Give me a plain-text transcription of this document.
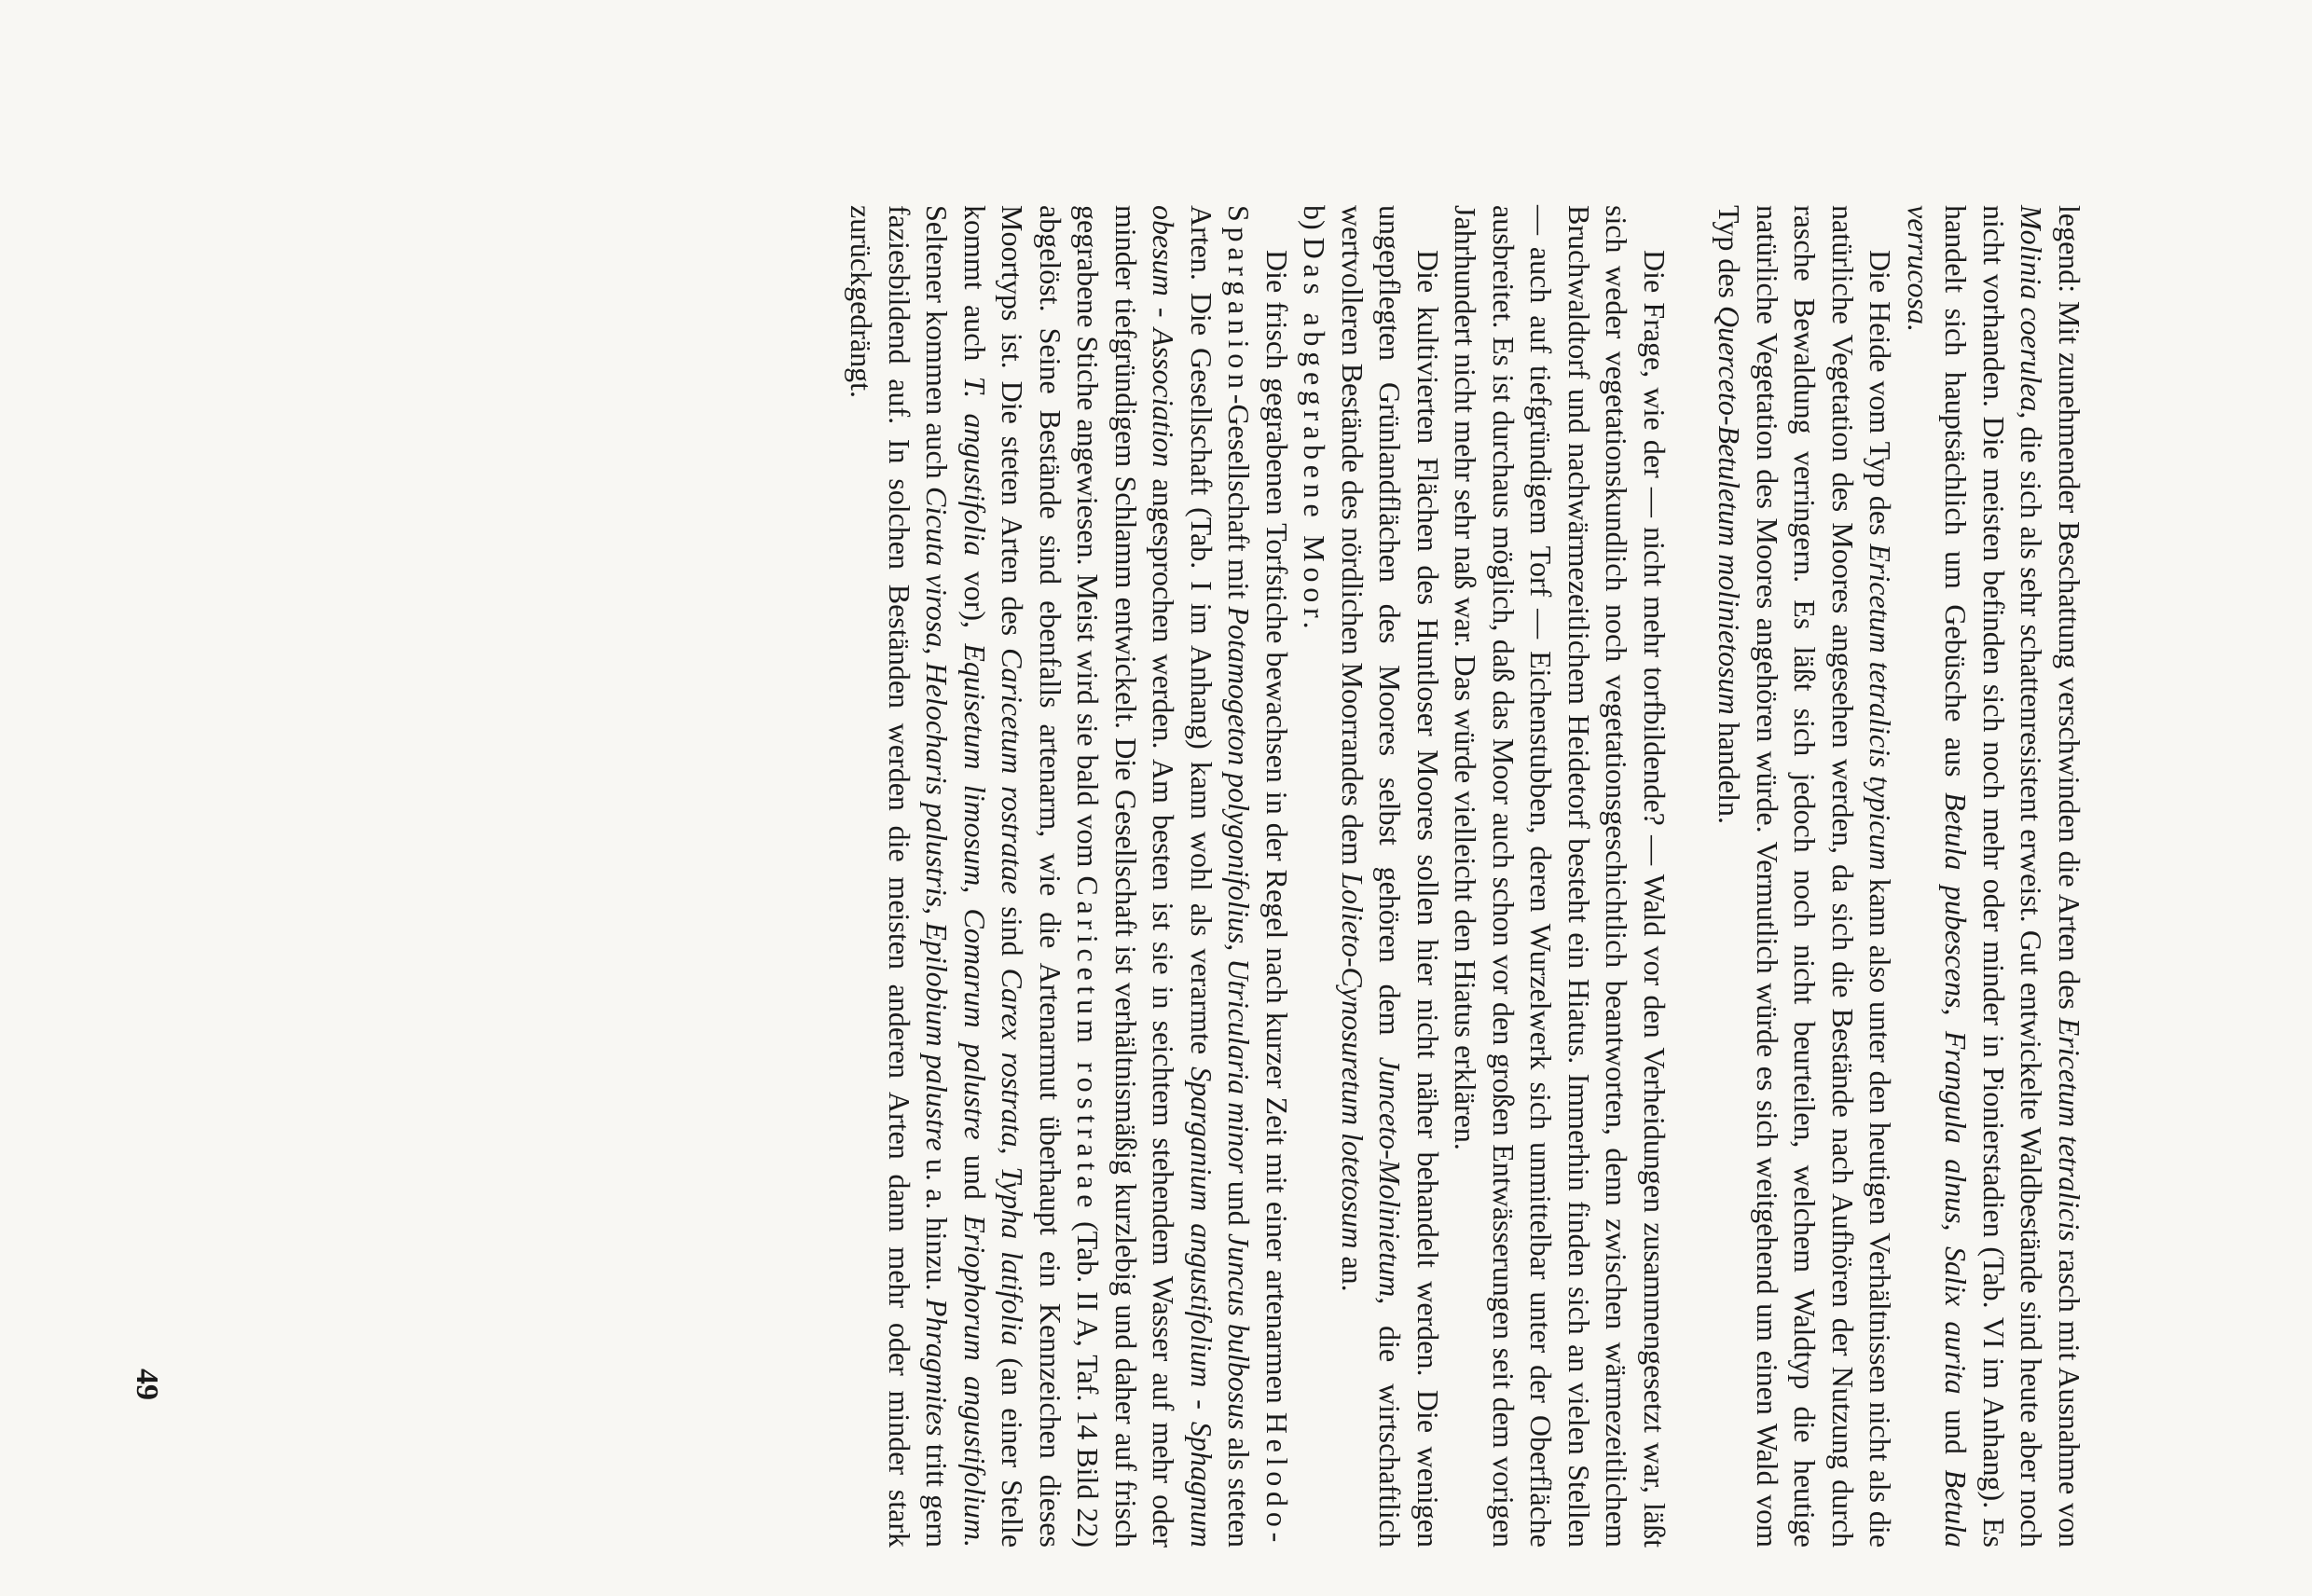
legend: Mit zunehmender Beschattung verschwinden die Arten des Ericetum tetralicis rasch mit Ausnahme von Molinia coerulea, die sich als sehr schattenresistent erweist. Gut entwickelte Waldbestände sind heute aber noch nicht vorhanden. Die meisten befinden sich noch mehr oder minder in Pionierstadien (Tab. VI im Anhang). Es handelt sich hauptsächlich um Gebüsche aus Betula pubescens, Frangula alnus, Salix aurita und Betula verrucosa.

Die Heide vom Typ des Ericetum tetralicis typicum kann also unter den heutigen Verhältnissen nicht als die natürliche Vegetation des Moores angesehen werden, da sich die Bestände nach Aufhören der Nutzung durch rasche Bewaldung verringern. Es läßt sich jedoch noch nicht beurteilen, welchem Waldtyp die heutige natürliche Vegetation des Moores angehören würde. Vermutlich würde es sich weitgehend um einen Wald vom Typ des Querceto-Betuletum molinietosum handeln.

Die Frage, wie der — nicht mehr torfbildende? — Wald vor den Verheidungen zusammengesetzt war, läßt sich weder vegetationskundlich noch vegetationsgeschichtlich beantworten, denn zwischen wärmezeitlichem Bruchwaldtorf und nachwärmezeitlichem Heidetorf besteht ein Hiatus. Immerhin finden sich an vielen Stellen — auch auf tiefgründigem Torf — Eichenstubben, deren Wurzelwerk sich unmittelbar unter der Oberfläche ausbreitet. Es ist durchaus möglich, daß das Moor auch schon vor den großen Entwässerungen seit dem vorigen Jahrhundert nicht mehr sehr naß war. Das würde vielleicht den Hiatus erklären.

Die kultivierten Flächen des Huntloser Moores sollen hier nicht näher behandelt werden. Die wenigen ungepflegten Grünlandflächen des Moores selbst gehören dem Junceto-Molinietum, die wirtschaftlich wertvolleren Bestände des nördlichen Moorrandes dem Lolieto-Cynosuretum lotetosum an.

b) Das abgegrabene Moor.

Die frisch gegrabenen Torfstiche bewachsen in der Regel nach kurzer Zeit mit einer artenarmen Helodo-Sparganion-Gesellschaft mit Potamogeton polygonifolius, Utricularia minor und Juncus bulbosus als steten Arten. Die Gesellschaft (Tab. I im Anhang) kann wohl als verarmte Sparganium angustifolium - Sphagnum obesum - Association angesprochen werden. Am besten ist sie in seichtem stehendem Wasser auf mehr oder minder tiefgründigem Schlamm entwickelt. Die Gesellschaft ist verhältnismäßig kurzlebig und daher auf frisch gegrabene Stiche angewiesen. Meist wird sie bald vom Caricetum rostratae (Tab. II A, Taf. 14 Bild 22) abgelöst. Seine Bestände sind ebenfalls artenarm, wie die Artenarmut überhaupt ein Kennzeichen dieses Moortyps ist. Die steten Arten des Caricetum rostratae sind Carex rostrata, Typha latifolia (an einer Stelle kommt auch T. angustifolia vor), Equisetum limosum, Comarum palustre und Eriophorum angustifolium. Seltener kommen auch Cicuta virosa, Helocharis palustris, Epilobium palustre u. a. hinzu. Phragmites tritt gern faziesbildend auf. In solchen Beständen werden die meisten anderen Arten dann mehr oder minder stark zurückgedrängt.

49
